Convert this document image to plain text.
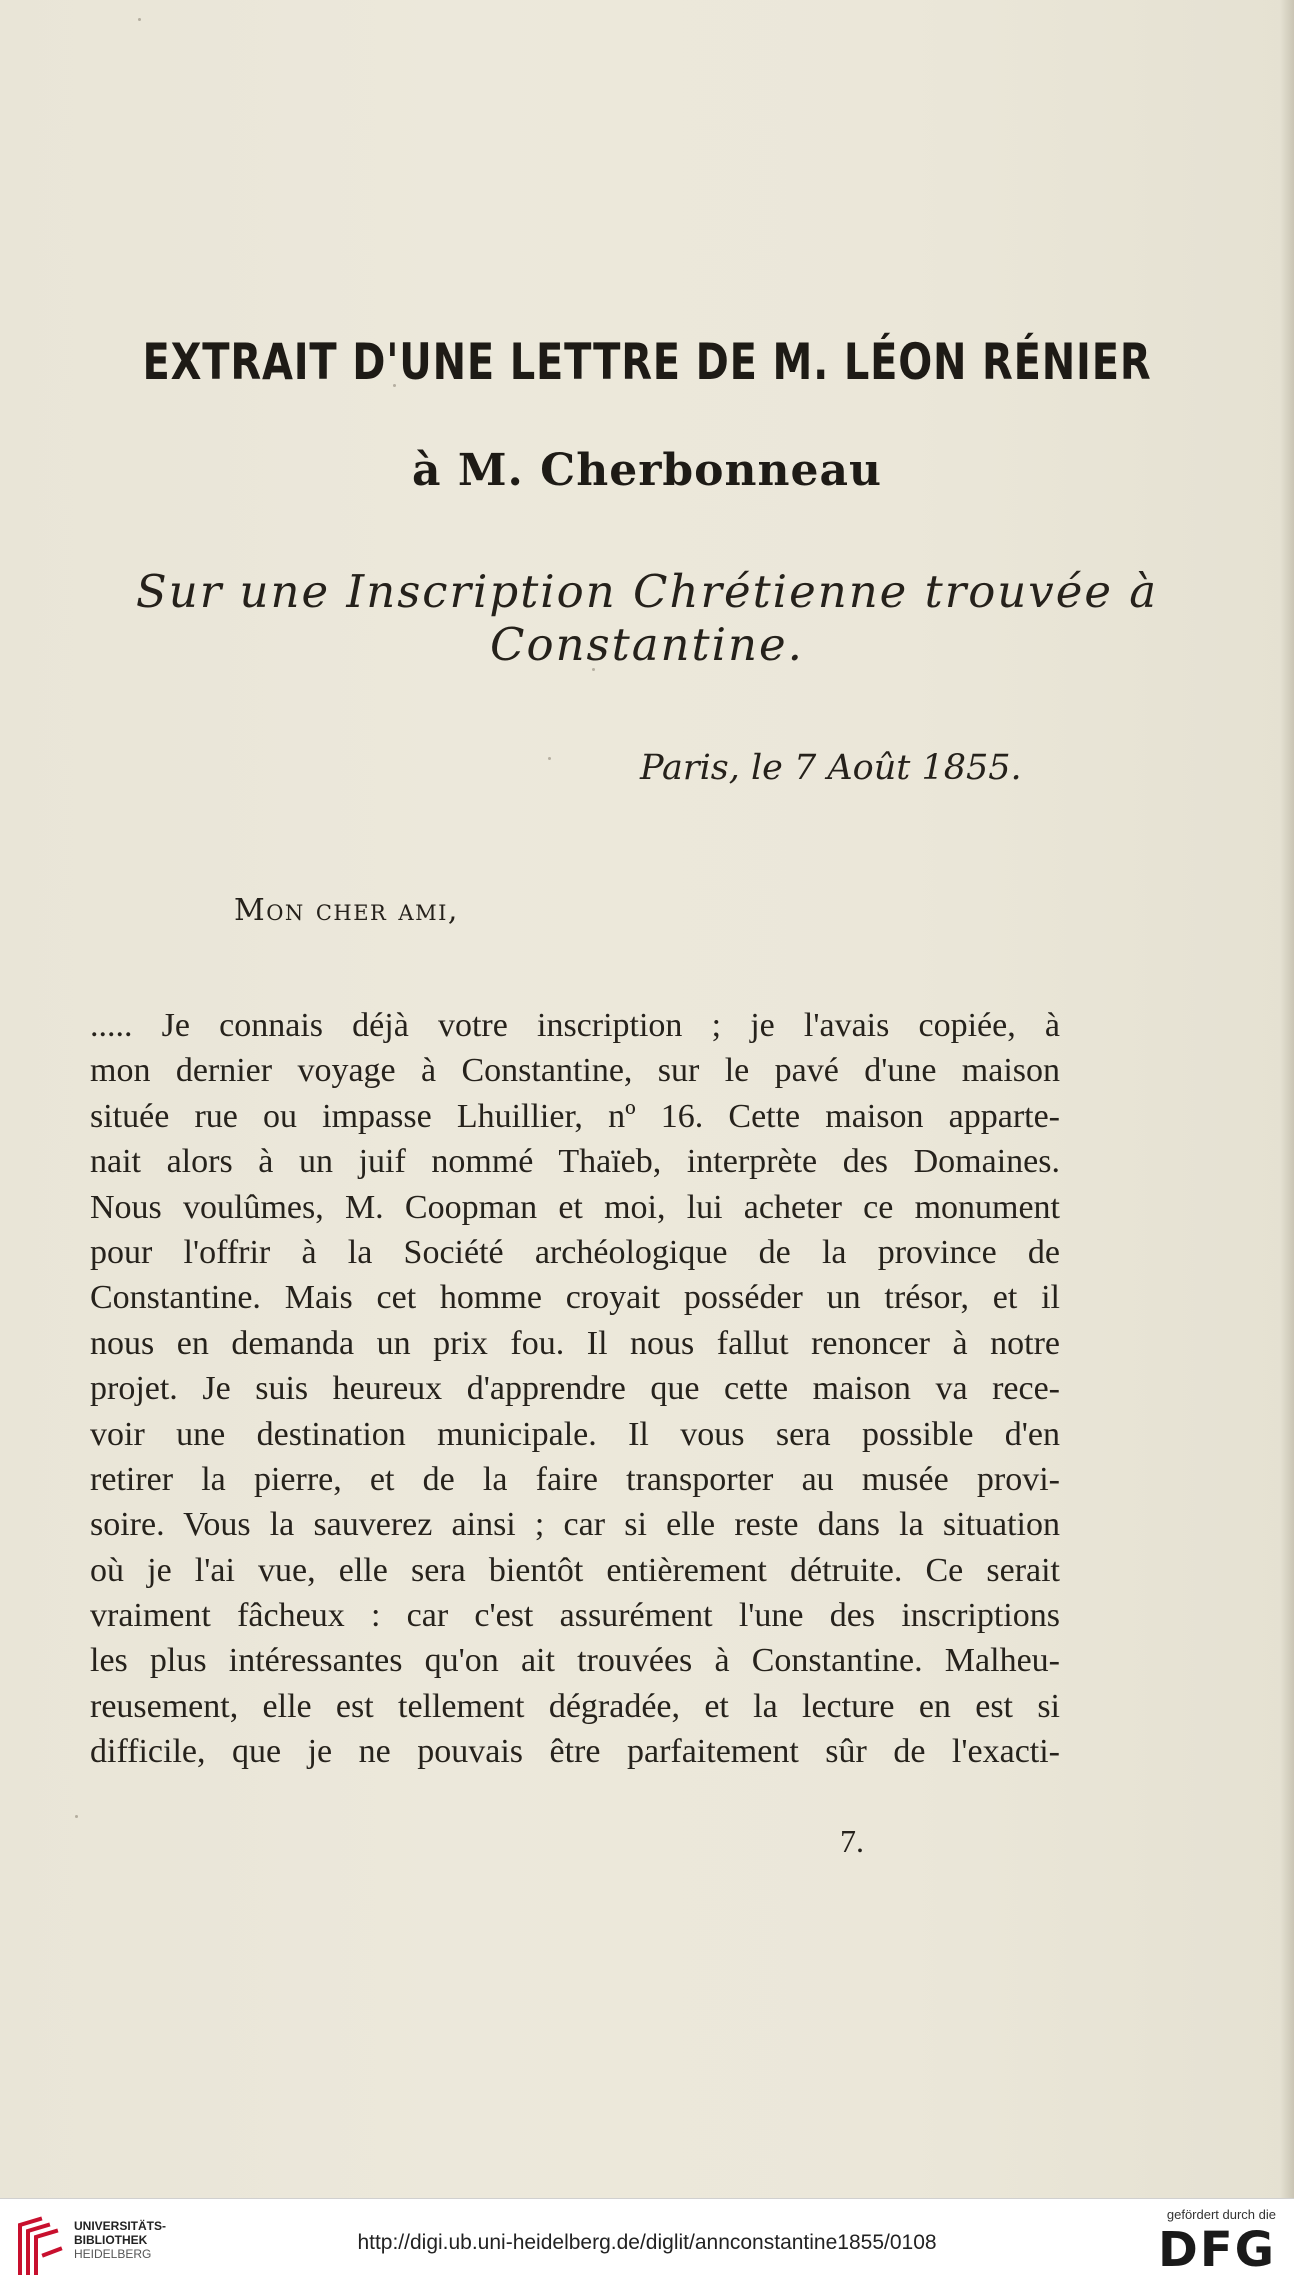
EXTRAIT D'UNE LETTRE DE M. LÉON RÉNIER
à M. Cherbonneau
Sur une Inscription Chrétienne trouvée à Constantine.
Paris, le 7 Août 1855.
Mon cher ami,
..... Je connais déjà votre inscription ; je l'avais copiée, à
mon dernier voyage à Constantine, sur le pavé d'une maison
située rue ou impasse Lhuillier, nº 16. Cette maison apparte-
nait alors à un juif nommé Thaïeb, interprète des Domaines.
Nous voulûmes, M. Coopman et moi, lui acheter ce monument
pour l'offrir à la Société archéologique de la province de
Constantine. Mais cet homme croyait posséder un trésor, et il
nous en demanda un prix fou. Il nous fallut renoncer à notre
projet. Je suis heureux d'apprendre que cette maison va rece-
voir une destination municipale. Il vous sera possible d'en
retirer la pierre, et de la faire transporter au musée provi-
soire. Vous la sauverez ainsi ; car si elle reste dans la situation
où je l'ai vue, elle sera bientôt entièrement détruite. Ce serait
vraiment fâcheux : car c'est assurément l'une des inscriptions
les plus intéressantes qu'on ait trouvées à Constantine. Malheu-
reusement, elle est tellement dégradée, et la lecture en est si
difficile, que je ne pouvais être parfaitement sûr de l'exacti-
7.
UNIVERSITÄTS-
BIBLIOTHEK
HEIDELBERG	http://digi.ub.uni-heidelberg.de/diglit/annconstantine1855/0108
gefördert durch die
DFG
